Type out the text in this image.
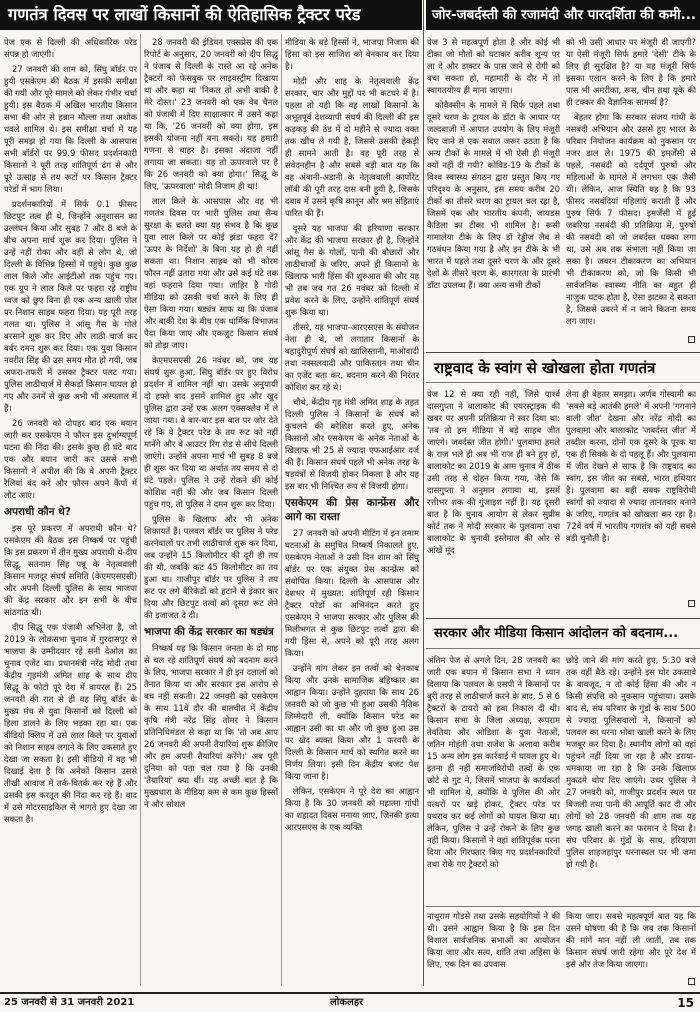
गणतंत्र दिवस पर लाखों किसानों की ऐतिहासिक ट्रैक्टर परेड	जोर-जबर्दस्ती की रजामंदी और पारदर्शिता की कमी...

पेज एक से दिल्ली की अधिकारिक परेड संपन्न हो जाएगी।

27 जनवरी की शाम को, सिंघु बॉर्डर पर हुयी एसकेएम की बैठक में इसकी समीक्षा की गयी और पूरे मामले को लेकर गंभीर चर्चा हुयी। इस बैठक में अखिल भारतीय किसान सभा की ओर से हन्नान मौल्ला तथा अशोक धवले शामिल थे। इस समीक्षा चर्चा में यह पूरी समझ हो गया कि दिल्ली के आसपास सभी बॉर्डरों पर 99.9 फीसद प्रदर्शनकारी किसानों ने पूरी तरह शांतिपूर्ण ढंग से और पूरे उत्साह से तय रूटों पर किसान ट्रैक्टर परेडों में भाग लिया।

प्रदर्शनकारियों में सिर्फ 0.1 फीसद छिटपुट तत्व ही थे, जिन्होंने अनुशासन का उल्लंघन किया और सुबह 7 और 8 बजे के बीच अपना मार्च शुरू कर दिया। पुलिस ने उन्हें नहीं रोका और वहीं से लोग थे, जो दिल्ली के विभिन्न हिस्सों में पहुंचे। कुछ कुछ लाल किले और आईटीओ तक पहुंच गए। एक ग्रुप ने लाल किले पर फहरा रहे राष्ट्रीय ध्वज को छुए बिना ही एक अन्य खाली पोल पर निशान साहब फहरा दिया। यह पूरी तरह गलत था। पुलिस ने आंसू गैस के गोले बरसाने शुरू कर दिए और लाठी चार्ज कर बर्बर दमन शुरू कर दिया। एक युवा किसान नवरीत सिंह की उस समय मौत हो गयी, जब अफरा-तफरी में उसका ट्रैक्टर पलट गया। पुलिस लाठीचार्ज में सैकड़ों किसान घायल हो गए और उनमें से कुछ अभी भी अस्पताल में हैं।

26 जनवरी को दोपहर बाद एक बयान जारी कर एसकेएम ने फौरन इस दुर्भाग्यपूर्ण घटना की निंदा की। इसके कुछ ही घंटे बाद एक और बयान जारी कर उससे सभी किसानों ने अपील की कि वे अपनी ट्रैक्टर रैलियां बंद करें और फौरन अपने कैंपों में लौट आएं।

अपराधी कौन थे?

इस पूरे प्रकरण में अपराधी कौन थे? एसकेएम की बैठक इस निष्कर्ष पर पहुंची कि इस प्रकरण में तीन मुख्य अपराधी थे-दीप सिद्धू, सतनाम सिंह पन्नू के नेतृत्ववाली किसान मजदूर संघर्ष समिति (केएमएसएसी) और अपनी दिल्ली पुलिस के साथ भाजपा की केंद्र सरकार और इन सभी के बीच सांठगांठ थी।

दीप सिद्धू एक पंजाबी अभिनेता है, जो 2019 के लोकसभा चुनाव में गुरदासपुर से भाजपा के उम्मीदवार रहे सनी देओल का चुनाव एजेंट था। प्रधानमंत्री नरेंद्र मोदी तथा केंद्रीय गृहमंत्री अमित शाह के साथ दीप सिद्धू के फोटो पूरे देश में वायरल हैं। 25 जनवरी की रात से ही वह सिंघु बॉर्डर के मुख्य मंच से युवा किसानों को दिल्ली को हिला डालने के लिए भड़का रहा था। एक वीडियो क्लिप में उसे लाल किले पर युवाओं को निशान साहब लगाने के लिए उकसाते हुए देखा जा सकता है। इसी वीडियो में वह भी दिखाई देता है कि अनेकों किसान उससे तीखी आवाज में तर्क-वितर्क कर रहे हैं और उसकी इस करतूत की निंदा कर रहे हैं। बाद में उसे मोटरसाइकिल से भागते हुए देखा जा सकता है।

28 जनवरी की इंडियन एक्सप्रेस की एक रिपोर्ट के अनुसार, 20 जनवरी को दीप सिद्धू ने पंजाब से दिल्ली के रास्ते आ रहे अनेक ट्रैक्टरों को फेसबुक पर लाइवस्ट्रीम दिखाया था और कहा था 'निकल तो अभी बाकी है मेरे दोस्त।' 23 जनवरी को एक वेब चैनल को पंजाबी में दिए साक्षात्कार में उसने कहा था कि, '26 जनवरी को क्या होगा, इस इसकी योजना नहीं बना सकते। यह हमारी गणना से बाहर है। इसका अंदाजा नहीं लगाया जा सकता। यह तो ऊपरवाले पर है कि 26 जनवरी को क्या होगा।' सिद्धू के लिए, 'ऊपरवाला' मोदी निजाम ही था!

लाल किले के आसपास और वह भी गणतंत्र दिवस पर भारी पुलिस तथा सैन्य सुरक्षा के चलते क्या यह संभव है कि कुछ युवा लाल किले पर कोई झंडा फहरा दें? 'ऊपर के निर्देशों' के बिना यह हो ही नहीं सकता था। निशान साहब को भी कोरम फौरन नहीं उतारा गया और उसे कई घंटे तक वहां फहराने दिया गया। जाहिर है गोदी मीडिया को उसकी चर्चा करने के लिए ही ऐसा किया गया। षड्यंत्र साफ था कि पंजाब और बाकी देश के बीच एक धार्मिक विभाजन पैदा किया जाए और एकजुट किसान संघर्ष को तोड़ा जाए।

केएमएसएसी 26 नवंबर को, जब यह संघर्ष शुरू हुआ, सिंघु बॉर्डर पर हुए विरोध प्रदर्शन में शामिल नहीं था। उसके अनुयायी दो हफ्ते बाद इसमें शामिल हुए और खुद पुलिस द्वारा उन्हें एक अलग एक्सक्लेव में ले जाया गया। वे बार-बार इस बात पर जोर देते रहे कि वे ट्रैक्टर परेड के तय रूट को नहीं मानेंगे और वे आउटर रिंग रोड से सीधे दिल्ली जाएंगे। उन्होंने अपना मार्च भी सुबह 8 बजे ही शुरू कर दिया था अर्थात तय समय से दो घंटे पहले। पुलिस ने उन्हें रोकने की कोई कोशिश नहीं की और जब किसान दिल्ली पहुंच गए, तो पुलिस ने दमन शुरू कर दिया।

पुलिस के खिलाफ और भी अनेक शिकायतें हैं। पलवल बॉर्डर पर पुलिस ने परेड करनेवालों पर तभी लाठीचार्ज शुरू कर दिया, जब उन्होंने 15 किलोमीटर की दूरी ही तय की थी, जबकि कट 45 किलोमीटर का तय हुआ था। गाजीपुर बॉर्डर पर पुलिस ने तय रूट पर लगे बैरिकेडों को हटाने से इंकार कर दिया और छिटपुट तत्वों को दूसरा रूट लेने की इजाजत दे दी।

भाजपा की केंद्र सरकार का षड्यंत्र

निष्कर्ष यह कि किसान जनता के दो माह से चल रहे शांतिपूर्ण संघर्ष को बदनाम करने के लिए, भाजपा सरकार ने ही इन दलालों को तैनात किया था और सरकार इस आरोप से बच नहीं सकती। 22 जनवरी को एसकेएम के साथ 11वें दौर की बातचीत में केंद्रीय कृषि मंत्री नरेंद्र सिंह तोमर ने किसान प्रतिनिधिमंडल से कहा था कि 'तो अब आप 26 जनवरी की अपनी तैयारियां शुरू कीजिए और हम अपनी तैयारियां करेंगे।' अब पूरी दुनिया को पता चल गया है कि उनकी 'तैयारियां' क्या थीं। यह अच्छी बात है कि मुख्यधारा के मीडिया कम से कम कुछ हिस्सों ने और सोशल

मीडिया के बड़े हिस्सों ने, भाजपा निजाम की हिंसा को इस साजिश को बेनकाब कर दिया है।

मोदी और शाह के नेतृत्ववाली केंद्र सरकार, चार और मुद्दों पर भी कटघरे में है। पहला तो यही कि वह लाखों किसानों के अभूतपूर्व देशव्यापी संघर्ष की दिल्ली की इस कड़कड़ की ठंड में दो महीने से ज्यादा वक्त तक खींच ले गयी है, जिससे उसकी हेकड़ी ही सामने आती है। वह पूरी तरह से संवेदनहीन है और सबसे बड़ी बात यह कि वह अंबानी-अडानी के नेतृत्ववाली कार्पोरेट लॉबी की पूरी तरह दास बनी हुयी है, जिसके दबाव में उसने कृषि कानून और श्रम संहिताएं पारित की हैं।

दूसरे यह भाजपा की हरियाणा सरकार और केंद्र की भाजपा सरकार ही है, जिन्होंने आंसू गैस के गोलों, पानी की बौछारों और लाठीचार्जों के जरिए, अपने ही किसानों के खिलाफ भारी हिंसा की शुरुआत की और यह भी तब जब गत 26 नवंबर को दिल्ली में प्रवेश करने के लिए, उन्होंने शांतिपूर्ण संघर्ष शुरू किया था।

तीसरे, यह भाजपा-आरएसएस के संयोजन नेता ही थे, जो लगातार किसानों के बहादुरीपूर्ण संघर्ष को खालिस्तानी, माओवादी तथा नक्सलवादी और पाकिस्तान तथा चीन का एजेंट बता कर, बदनाम करने की निरंतर कोशिश कर रहे थे।

चौथे, केंद्रीय गृह मंत्री अमित शाह के तहत दिल्ली पुलिस ने किसानों के संघर्ष को कुचलने की कोशिश करते हुए, अनेक किसानों और एसकेएम के अनेक नेताओं के खिलाफ भी 25 से ज्यादा एफआईआर दर्ज की हैं। किसान संघर्ष पहले भी अनेक तरह के षड़यंत्रों से विजयी होकर निकला है और यह इस बार भी निश्चित रूप से विजयी होगा।

एसकेएम की प्रेस कान्फ्रेंस और आगे का रास्ता

27 जनवरी को अपनी मीटिंग में इन तमाम घटनाओं के समुचित निष्कर्ष निकालते हुए, एसकेएम नेताओं ने उसी दिन शाम को सिंघु बॉर्डर पर एक संयुक्त प्रेस कान्फ्रेंस को संबोधित किया। दिल्ली के आसपास और देशभर में मुख्यत: शांतिपूर्ण रही किसान ट्रैक्टर परेडों का अभिनंदन करते हुए एसकेएम ने भाजपा सरकार और पुलिस की मिलीभगत से कुछ छिटपुट तत्वों द्वारा की गयी हिंसा से, अपने को पूरी तरह अलग किया।

उन्होंने मांग लेकर इन तत्वों को बेनकाब किया और उनके सामाजिक बहिष्कार का आह्वान किया। उन्होंने दुहराया कि साथ 26 जनवरी को जो कुछ भी हुआ उसकी नैतिक जिम्मेदारी ली, क्योंकि किसान परेड का आह्वान उसी का था और जो कुछ हुआ उस पर खेद व्यक्त किया और 1 फरवरी के दिल्ली के किसान मार्च को स्थगित करने का निर्णय लिया। इसी दिन केंद्रीय बजट पेश किया जाना है।

लेकिन, एसकेएम ने पूरे देश का आह्वान किया है कि 30 जनवरी को महात्मा गांधी का शहादत दिवस मनाया जाए, जिनकी हत्या आरएसएस के एक व्यक्ति

पेज 3 से महत्वपूर्ण होता है और कोई भी टीका जो मौतों को घटाकर करीब शून्य पर ला दे और डाक्टर के पास जाने से रोगी को बचा सकता हो, महामारी के दौर में तो स्वागतयोग्य ही माना जाएगा।

कोवैक्सीन के मामले में सिर्फ पहले तथा दूसरे चरण के ट्रायल के डॉटा के आधार पर जल्दबाजी में आपात उपयोग के लिए मंजूरी दिए जाने से एक सवाल जरूर उठता है कि अन्य टीकों के मामले में भी ऐसी ही मंजूरी क्यों नहीं दी गयी? कोविड-19 के टीकों के विश्व स्वास्थ्य संगठन द्वारा प्रस्तुत किए गए परिदृश्य के अनुसार, इस समय करीब 20 टीकों का तीसरे चरण का ट्रायल चल रहा है, जिसमें एक और भारतीय कंपनी, जायडस कैडिला का टीका भी शामिल है। रूसी गामालेया टीके के लिए डॉ रेड्डीज लैब से गठबंधन किया गया है और इन टीके के भी भारत में पहले तथा दूसरे चरण के और दूसरे देशों के तीसरे चरण के, कारगरता के प्रारंभी डॉटा उपलब्ध हैं। क्या अन्य सभी टीकों

को भी उसी आधार पर मंजूरी दी जाएगी? या ऐसी मंजूरी सिर्फ हमारे 'देसी' टीके के लिए ही सुरक्षित है? या यह मंजूरी सिर्फ इसका एलान करने के लिए है कि हमारे पास भी अमरीका, रूस, चीन तथा यूके की ही टक्कर की वैज्ञानिक सामर्थ्य है?

बेहतर होगा कि सरकार संजय गांधी के नसबंदी अभियान और उससे हुए भारत के परिवार नियोजन कार्यक्रम को नुकसान पर नजर डाल ले। 1975 की इमर्जेंसी से पहले, नसबंदी को दर्दपूर्ण पुरुषों और महिलाओं के मामले में लगभग एक जैसी थी। लेकिन, आज स्थिति यह है कि 93 फीसद नसबंदियां महिलाएं कराती हैं और पुरुष सिर्फ 7 फीसद। इमर्जेंसी में हुई जबरिया नसबंदी की प्रतिक्रिया में, पुरुषों की नसबंदी को जो जबर्दस्त धक्का लगा था, उसे अब तक संभाला नहीं किया जा सका है। जबरन टीकाकरण का अभियान भी टीकाकरण को, जो कि किसी भी सार्वजनिक स्वास्थ्य नीति का बहुत ही नाजुक घटक होता है, ऐसा झटका दे सकता है, जिससे उबरने में न जाने कितना समय लग जाए।

राष्ट्रवाद के स्वांग से खोखला होता गणतंत्र

पेज 12 से क्या रही नहीं, जिसे पार्श्व दासगुप्ता ने बालाकोट की एयरस्ट्राइक की खबर पर अपनी प्रतिक्रिया में स्वर दिया था: 'तब तो हम मीडिया में बड़े साहब जीत जाएंगे। जबर्दस्त जीत होगी।' पुलवामा हमले के राज भले ही अब भी राज ही बने हुए हों, बालाकोट का 2019 के आम चुनाव में ठीक उसी तरह से दोहन किया गया, जैसे कि दासगुप्ता ने अनुमान लगाया था, इसमें रत्तीभर शक की गुंजाइश नहीं है। यह दूसरी बात है कि चुनाव आयोग से लेकर सुप्रीम कोर्ट तक ने मोदी सरकार के पुलवामा तथा बालाकोट के चुनावी इस्तेमाल की ओर से आंखें मूंद

लेना ही बेहतर समझा। अर्णब गोस्वामी का 'सबसे बड़े आतंकी हमले' में अपनी 'गगनाने वाली जीत' देखना और नरेंद्र मोदी का पुलवामा और बालाकोट 'जबर्दस्त जीत' में तब्दील करना, दोनों एक दूसरे के पूरक या एक ही सिक्के के दो पहलू हैं। और पुलवामा में जीत देखने से साफ है कि राष्ट्रवाद का स्वांग, इस जीत का सबसे, भारत हथियार है। पुलवामा का यही सबक राष्ट्रविरोधी स्वांगों को ज्यादा से ज्यादा तानतवार बनाने के जरिए, गणतंत्र को खोखला कर रहा है। 72वें वर्ष में भारतीय गणतंत्र को यही सबसे बड़ी चुनौती है।

सरकार और मीडिया किसान आंदोलन को बदनाम...

अंतिम पेज से अगले दिन, 28 जनवरी का जारी एक बयान में किसान सभा ने ध्यान दिलाया कि पलवल के एसपी ने किसानों पर बुरी तरह से लाठीचार्ज करने के बाद, 5 से 6 ट्रैक्टरों के टायरों को हवा निकाल दी थी। किसान सभा के जिला अध्यक्ष, रूपराम तेवतिया और ओडिशा के युवा नेताओं, जतिन मोहंती तथा राजेश के अलावा करीब 15 अन्य लोग इस कार्रवाई में घायल हुए थे। इतना ही नहीं समाजविरोधी तत्वों के एक छोटे से गुट ने, जिसमें भाजपा के कार्यकर्ता भी शामिल थे, क्योंकि वे पुलिस की ओर पत्थरों पर खड़े होकर, ट्रैक्टर परेड पर पथराव कर कई लोगों को घायल किया था। लेकिन, पुलिस ने उन्हें रोकने के लिए कुछ नहीं किया। किसानों ने वहां शांतिपूर्वक धरना दिया और गिरफ्तार किए गए प्रदर्शनकारियों तथा रोके गए ट्रैक्टरों को

छोड़े जाने की मांग करते हुए, 5:30 बजे तक वहीं बैठे रहे। उन्होंने इस घोर उकसावे के बावजूद, न तो कोई हिंसा की और न किसी संपत्ति को नुकसान पहुंचाया। उसके बाद से, संघ परिवार के गुंडों के साथ 500 से ज्यादा पुलिसवालों ने, किसानों को पलवल का धरना भोवा खाली करने के लिए मजबूर कर दिया है। स्थानीय लोगों को वहां पहुंचने नहीं दिया जा रहा है और डराया-धमकाया जा रहा है कि उनके खिलाफ मुकदमे थोप दिए जाएंगे। उधर पुलिस ने 27 जनवरी को, गाजीपुर प्रदर्शन स्थल पर बिजली तथा पानी की आपूर्ति काट दी और लोगों को 28 जनवरी की शाम तक यह जगह खाली करने का फरमान दे दिया है। संघ परिवार के गुंडों के साथ, हरियाणा पुलिस शाहजहांपुर धरनास्थल पर भी जमा हो गयी है।

नाथूराम गोडसे तथा उसके सहयोगियों ने की थी। उसने आह्वान किया है कि इस दिन विशाल सार्वजनिक सभाओं का आयोजन किया जाए और सत्य, शांति तथा अहिंसा के लिए, एक दिन का उपवास

किया जाए। सबसे महत्वपूर्ण बात यह कि उसने घोषणा की है कि जब तक किसानों की मांगें मान नहीं ली जातीं, तब तक किसान संघर्ष जारी रहेगा और पूरे देश में इसे और तेज किया जाएगा।

25 जनवरी से 31 जनवरी 2021	लोकलहर	15
